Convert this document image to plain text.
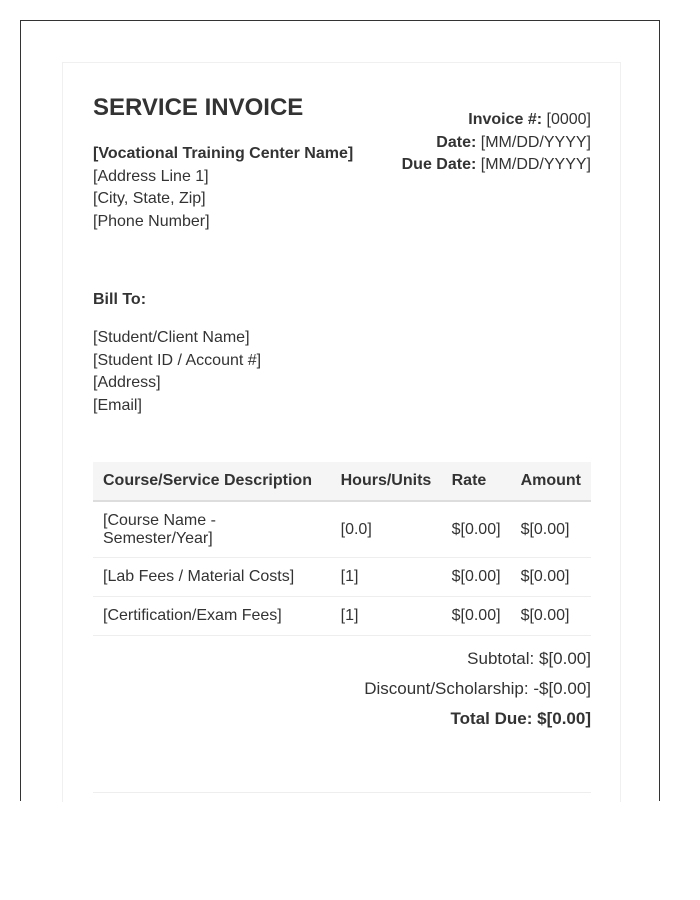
SERVICE INVOICE
[Vocational Training Center Name]
[Address Line 1]
[City, State, Zip]
[Phone Number]
Invoice #: [0000]
Date: [MM/DD/YYYY]
Due Date: [MM/DD/YYYY]
Bill To:
[Student/Client Name]
[Student ID / Account #]
[Address]
[Email]
Course/Service Description	Hours/Units	Rate	Amount
[Course Name - Semester/Year]	[0.0]	$[0.00]	$[0.00]
[Lab Fees / Material Costs]	[1]	$[0.00]	$[0.00]
[Certification/Exam Fees]	[1]	$[0.00]	$[0.00]
Subtotal: $[0.00]
Discount/Scholarship: -$[0.00]
Total Due: $[0.00]
